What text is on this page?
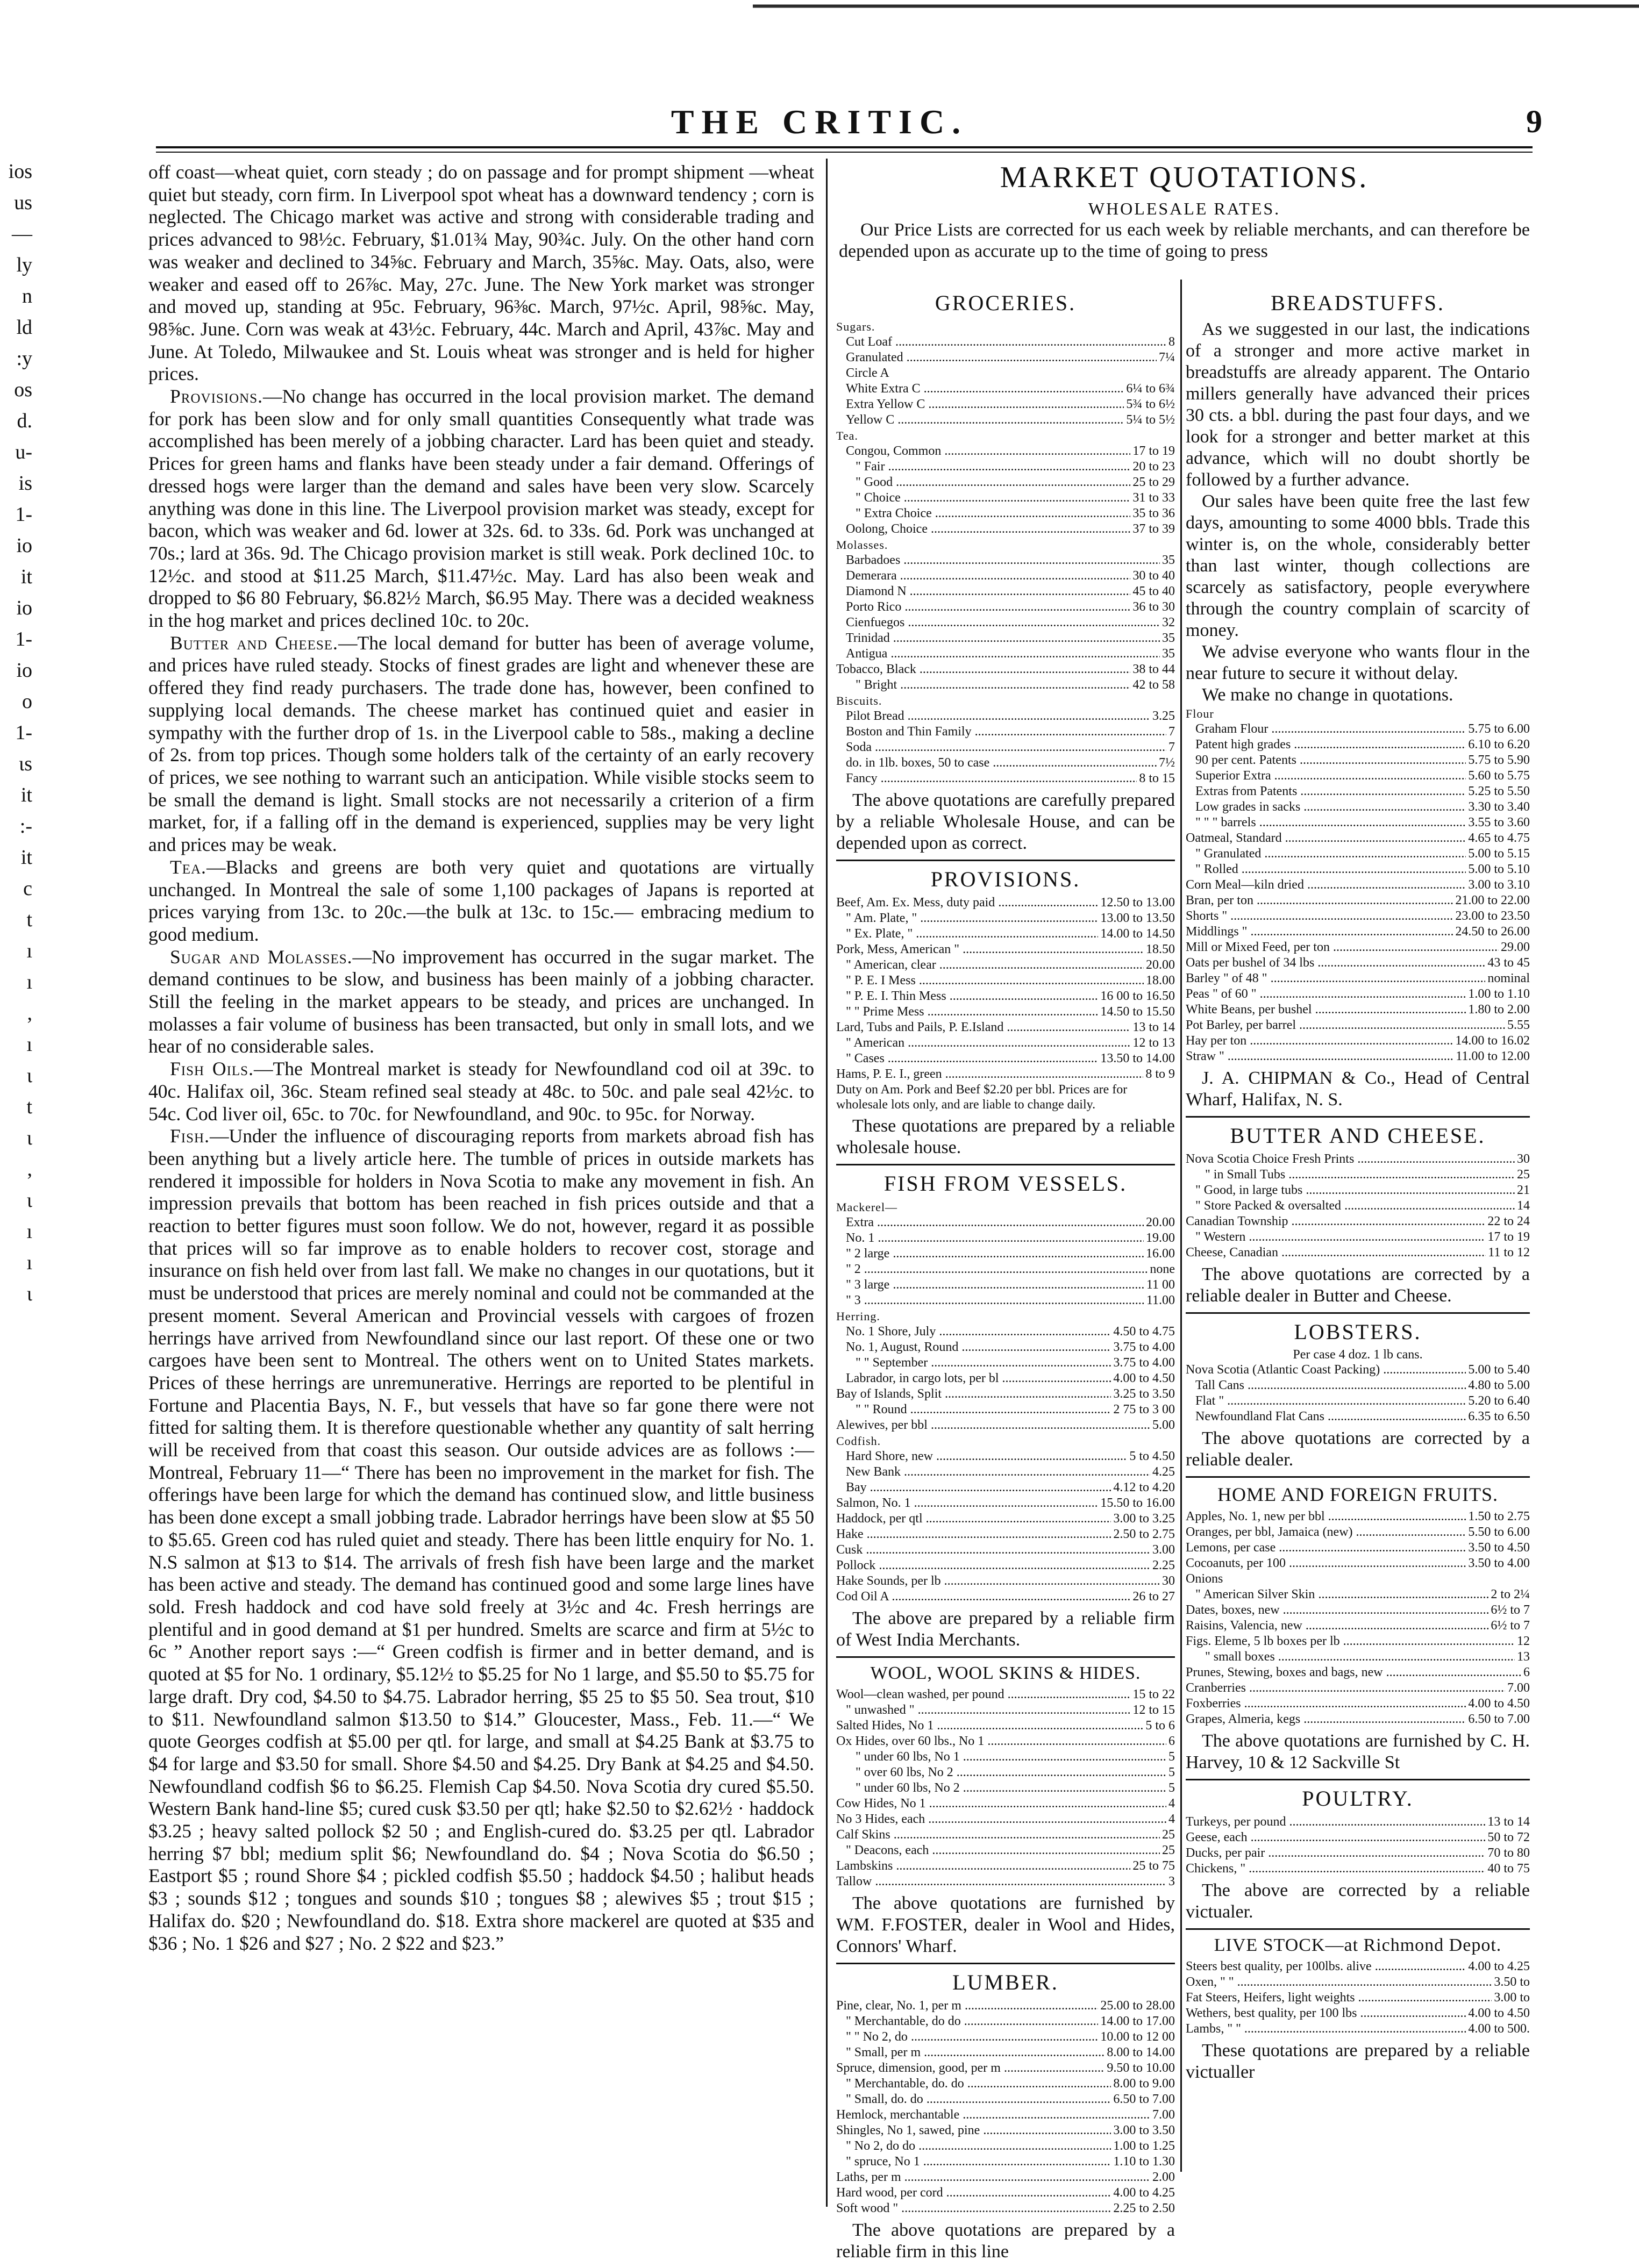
THE CRITIC.	9
ios
us
—
ly
n
ld
:y
os
d.
u-
is
1-
io
it
io
1-
io
o
1-
ιs
it
:-
it
c
t
ı
ı
,
ı
ι
t
ι
,
ι
ı
ı
ι

off coast—wheat quiet, corn steady ; do on passage and for prompt shipment —wheat quiet but steady, corn firm. In Liverpool spot wheat has a downward tendency ; corn is neglected. The Chicago market was active and strong with considerable trading and prices advanced to 98½c. February, $1.01¾ May, 90¾c. July. On the other hand corn was weaker and declined to 34⅝c. February and March, 35⅝c. May. Oats, also, were weaker and eased off to 26⅞c. May, 27c. June. The New York market was stronger and moved up, standing at 95c. February, 96⅜c. March, 97½c. April, 98⅝c. May, 98⅝c. June. Corn was weak at 43½c. February, 44c. March and April, 43⅞c. May and June. At Toledo, Milwaukee and St. Louis wheat was stronger and is held for higher prices.

Provisions.—No change has occurred in the local provision market. The demand for pork has been slow and for only small quantities Consequently what trade was accomplished has been merely of a jobbing character. Lard has been quiet and steady. Prices for green hams and flanks have been steady under a fair demand. Offerings of dressed hogs were larger than the demand and sales have been very slow. Scarcely anything was done in this line. The Liverpool provision market was steady, except for bacon, which was weaker and 6d. lower at 32s. 6d. to 33s. 6d. Pork was unchanged at 70s.; lard at 36s. 9d. The Chicago provision market is still weak. Pork declined 10c. to 12½c. and stood at $11.25 March, $11.47½c. May. Lard has also been weak and dropped to $6 80 February, $6.82½ March, $6.95 May. There was a decided weakness in the hog market and prices declined 10c. to 20c.

Butter and Cheese.—The local demand for butter has been of average volume, and prices have ruled steady. Stocks of finest grades are light and whenever these are offered they find ready purchasers. The trade done has, however, been confined to supplying local demands. The cheese market has continued quiet and easier in sympathy with the further drop of 1s. in the Liverpool cable to 58s., making a decline of 2s. from top prices. Though some holders talk of the certainty of an early recovery of prices, we see nothing to warrant such an anticipation. While visible stocks seem to be small the demand is light. Small stocks are not necessarily a criterion of a firm market, for, if a falling off in the demand is experienced, supplies may be very light and prices may be weak.

Tea.—Blacks and greens are both very quiet and quotations are virtually unchanged. In Montreal the sale of some 1,100 packages of Japans is reported at prices varying from 13c. to 20c.—the bulk at 13c. to 15c.— embracing medium to good medium.

Sugar and Molasses.—No improvement has occurred in the sugar market. The demand continues to be slow, and business has been mainly of a jobbing character. Still the feeling in the market appears to be steady, and prices are unchanged. In molasses a fair volume of business has been transacted, but only in small lots, and we hear of no considerable sales.

Fish Oils.—The Montreal market is steady for Newfoundland cod oil at 39c. to 40c. Halifax oil, 36c. Steam refined seal steady at 48c. to 50c. and pale seal 42½c. to 54c. Cod liver oil, 65c. to 70c. for Newfoundland, and 90c. to 95c. for Norway.

Fish.—Under the influence of discouraging reports from markets abroad fish has been anything but a lively article here. The tumble of prices in outside markets has rendered it impossible for holders in Nova Scotia to make any movement in fish. An impression prevails that bottom has been reached in fish prices outside and that a reaction to better figures must soon follow. We do not, however, regard it as possible that prices will so far improve as to enable holders to recover cost, storage and insurance on fish held over from last fall. We make no changes in our quotations, but it must be understood that prices are merely nominal and could not be commanded at the present moment. Several American and Provincial vessels with cargoes of frozen herrings have arrived from Newfoundland since our last report. Of these one or two cargoes have been sent to Montreal. The others went on to United States markets. Prices of these herrings are unremunerative. Herrings are reported to be plentiful in Fortune and Placentia Bays, N. F., but vessels that have so far gone there were not fitted for salting them. It is therefore questionable whether any quantity of salt herring will be received from that coast this season. Our outside advices are as follows :— Montreal, February 11—“ There has been no improvement in the market for fish. The offerings have been large for which the demand has continued slow, and little business has been done except a small jobbing trade. Labrador herrings have been slow at $5 50 to $5.65. Green cod has ruled quiet and steady. There has been little enquiry for No. 1. N.S salmon at $13 to $14. The arrivals of fresh fish have been large and the market has been active and steady. The demand has continued good and some large lines have sold. Fresh haddock and cod have sold freely at 3½c and 4c. Fresh herrings are plentiful and in good demand at $1 per hundred. Smelts are scarce and firm at 5½c to 6c ” Another report says :—“ Green codfish is firmer and in better demand, and is quoted at $5 for No. 1 ordinary, $5.12½ to $5.25 for No 1 large, and $5.50 to $5.75 for large draft. Dry cod, $4.50 to $4.75. Labrador herring, $5 25 to $5 50. Sea trout, $10 to $11. Newfoundland salmon $13.50 to $14.” Gloucester, Mass., Feb. 11.—“ We quote Georges codfish at $5.00 per qtl. for large, and small at $4.25 Bank at $3.75 to $4 for large and $3.50 for small. Shore $4.50 and $4.25. Dry Bank at $4.25 and $4.50. Newfoundland codfish $6 to $6.25. Flemish Cap $4.50. Nova Scotia dry cured $5.50. Western Bank hand-line $5; cured cusk $3.50 per qtl; hake $2.50 to $2.62½ · haddock $3.25 ; heavy salted pollock $2 50 ; and English-cured do. $3.25 per qtl. Labrador herring $7 bbl; medium split $6; Newfoundland do. $4 ; Nova Scotia do $6.50 ; Eastport $5 ; round Shore $4 ; pickled codfish $5.50 ; haddock $4.50 ; halibut heads $3 ; sounds $12 ; tongues and sounds $10 ; tongues $8 ; alewives $5 ; trout $15 ; Halifax do. $20 ; Newfoundland do. $18. Extra shore mackerel are quoted at $35 and $36 ; No. 1 $26 and $27 ; No. 2 $22 and $23.”

MARKET QUOTATIONS.
WHOLESALE RATES.
Our Price Lists are corrected for us each week by reliable merchants, and can therefore be depended upon as accurate up to the time of going to press
GROCERIES.
Sugars.
Cut Loaf .....	8
Granulated .....	7¼
Circle A
White Extra C .....	6¼ to 6¾
Extra Yellow C .....	5¾ to 6½
Yellow C .....	5¼ to 5½
Tea.
Congou, Common .....	17 to 19
" Fair .....	20 to 23
" Good .....	25 to 29
" Choice .....	31 to 33
" Extra Choice .....	35 to 36
Oolong, Choice .....	37 to 39
Molasses.
Barbadoes .....	35
Demerara .....	30 to 40
Diamond N .....	45 to 40
Porto Rico .....	36 to 30
Cienfuegos .....	32
Trinidad .....	35
Antigua .....	35
Tobacco, Black .....	38 to 44
" Bright .....	42 to 58
Biscuits.
Pilot Bread .....	3.25
Boston and Thin Family .....	7
Soda .....	7
do. in 1lb. boxes, 50 to case .....	7½
Fancy .....	8 to 15
The above quotations are carefully prepared by a reliable Wholesale House, and can be depended upon as correct.
PROVISIONS.
Beef, Am. Ex. Mess, duty paid .....	12.50 to 13.00
" Am. Plate, " .....	13.00 to 13.50
" Ex. Plate, " .....	14.00 to 14.50
Pork, Mess, American " .....	18.50
" American, clear .....	20.00
" P. E. I Mess .....	18.00
" P. E. I. Thin Mess .....	16 00 to 16.50
" " Prime Mess .....	14.50 to 15.50
Lard, Tubs and Pails, P. E.Island .....	13 to 14
" American .....	12 to 13
" Cases .....	13.50 to 14.00
Hams, P. E. I., green .....	8 to 9
Duty on Am. Pork and Beef $2.20 per bbl. Prices are for wholesale lots only, and are liable to change daily.
These quotations are prepared by a reliable wholesale house.
FISH FROM VESSELS.
Mackerel—
Extra .....	20.00
No. 1 .....	19.00
" 2 large .....	16.00
" 2 .....	none
" 3 large .....	11 00
" 3 .....	11.00
Herring.
No. 1 Shore, July .....	4.50 to 4.75
No. 1, August, Round .....	3.75 to 4.00
" " September .....	3.75 to 4.00
Labrador, in cargo lots, per bl .....	4.00 to 4.50
Bay of Islands, Split .....	3.25 to 3.50
" " Round .....	2 75 to 3 00
Alewives, per bbl .....	5.00
Codfish.
Hard Shore, new .....	5 to 4.50
New Bank .....	4.25
Bay .....	4.12 to 4.20
Salmon, No. 1 .....	15.50 to 16.00
Haddock, per qtl .....	3.00 to 3.25
Hake .....	2.50 to 2.75
Cusk .....	3.00
Pollock .....	2.25
Hake Sounds, per lb .....	30
Cod Oil A .....	26 to 27
The above are prepared by a reliable firm of West India Merchants.
WOOL, WOOL SKINS & HIDES.
Wool—clean washed, per pound .....	15 to 22
" unwashed " .....	12 to 15
Salted Hides, No 1 .....	5 to 6
Ox Hides, over 60 lbs., No 1 .....	6
" under 60 lbs, No 1 .....	5
" over 60 lbs, No 2 .....	5
" under 60 lbs, No 2 .....	5
Cow Hides, No 1 .....	4
No 3 Hides, each .....	4
Calf Skins .....	25
" Deacons, each .....	25
Lambskins .....	25 to 75
Tallow .....	3
The above quotations are furnished by WM. F.FOSTER, dealer in Wool and Hides, Connors' Wharf.
LUMBER.
Pine, clear, No. 1, per m .....	25.00 to 28.00
" Merchantable, do do .....	14.00 to 17.00
" " No 2, do .....	10.00 to 12 00
" Small, per m .....	8.00 to 14.00
Spruce, dimension, good, per m .....	9.50 to 10.00
" Merchantable, do. do .....	8.00 to 9.00
" Small, do. do .....	6.50 to 7.00
Hemlock, merchantable .....	7.00
Shingles, No 1, sawed, pine .....	3.00 to 3.50
" No 2, do do .....	1.00 to 1.25
" spruce, No 1 .....	1.10 to 1.30
Laths, per m .....	2.00
Hard wood, per cord .....	4.00 to 4.25
Soft wood " .....	2.25 to 2.50
The above quotations are prepared by a reliable firm in this line
BREADSTUFFS.

As we suggested in our last, the indications of a stronger and more active market in breadstuffs are already apparent. The Ontario millers generally have advanced their prices 30 cts. a bbl. during the past four days, and we look for a stronger and better market at this advance, which will no doubt shortly be followed by a further advance.

Our sales have been quite free the last few days, amounting to some 4000 bbls. Trade this winter is, on the whole, considerably better than last winter, though collections are scarcely as satisfactory, people everywhere through the country complain of scarcity of money.

We advise everyone who wants flour in the near future to secure it without delay.

We make no change in quotations.

Flour
Graham Flour .....	5.75 to 6.00
Patent high grades .....	6.10 to 6.20
90 per cent. Patents .....	5.75 to 5.90
Superior Extra .....	5.60 to 5.75
Extras from Patents .....	5.25 to 5.50
Low grades in sacks .....	3.30 to 3.40
" " " barrels .....	3.55 to 3.60
Oatmeal, Standard .....	4.65 to 4.75
" Granulated .....	5.00 to 5.15
" Rolled .....	5.00 to 5.10
Corn Meal—kiln dried .....	3.00 to 3.10
Bran, per ton .....	21.00 to 22.00
Shorts " .....	23.00 to 23.50
Middlings " .....	24.50 to 26.00
Mill or Mixed Feed, per ton .....	29.00
Oats per bushel of 34 lbs .....	43 to 45
Barley " of 48 " .....	nominal
Peas " of 60 " .....	1.00 to 1.10
White Beans, per bushel .....	1.80 to 2.00
Pot Barley, per barrel .....	5.55
Hay per ton .....	14.00 to 16.02
Straw " .....	11.00 to 12.00
J. A. CHIPMAN & Co., Head of Central Wharf, Halifax, N. S.
BUTTER AND CHEESE.
Nova Scotia Choice Fresh Prints .....	30
" in Small Tubs .....	25
" Good, in large tubs .....	21
" Store Packed & oversalted .....	14
Canadian Township .....	22 to 24
" Western .....	17 to 19
Cheese, Canadian .....	11 to 12
The above quotations are corrected by a reliable dealer in Butter and Cheese.
LOBSTERS.
Per case 4 doz. 1 lb cans.
Nova Scotia (Atlantic Coast Packing) .....	5.00 to 5.40
Tall Cans .....	4.80 to 5.00
Flat " .....	5.20 to 6.40
Newfoundland Flat Cans .....	6.35 to 6.50
The above quotations are corrected by a reliable dealer.
HOME AND FOREIGN FRUITS.
Apples, No. 1, new per bbl .....	1.50 to 2.75
Oranges, per bbl, Jamaica (new) .....	5.50 to 6.00
Lemons, per case .....	3.50 to 4.50
Cocoanuts, per 100 .....	3.50 to 4.00
Onions
" American Silver Skin .....	2 to 2¼
Dates, boxes, new .....	6½ to 7
Raisins, Valencia, new .....	6½ to 7
Figs. Eleme, 5 lb boxes per lb .....	12
" small boxes .....	13
Prunes, Stewing, boxes and bags, new .....	6
Cranberries .....	7.00
Foxberries .....	4.00 to 4.50
Grapes, Almeria, kegs .....	6.50 to 7.00
The above quotations are furnished by C. H. Harvey, 10 & 12 Sackville St
POULTRY.
Turkeys, per pound .....	13 to 14
Geese, each .....	50 to 72
Ducks, per pair .....	70 to 80
Chickens, " .....	40 to 75
The above are corrected by a reliable victualer.
LIVE STOCK—at Richmond Depot.
Steers best quality, per 100lbs. alive .....	4.00 to 4.25
Oxen, " " .....	3.50 to
Fat Steers, Heifers, light weights .....	3.00 to
Wethers, best quality, per 100 lbs .....	4.00 to 4.50
Lambs, " " .....	4.00 to 500.
These quotations are prepared by a reliable victualler
